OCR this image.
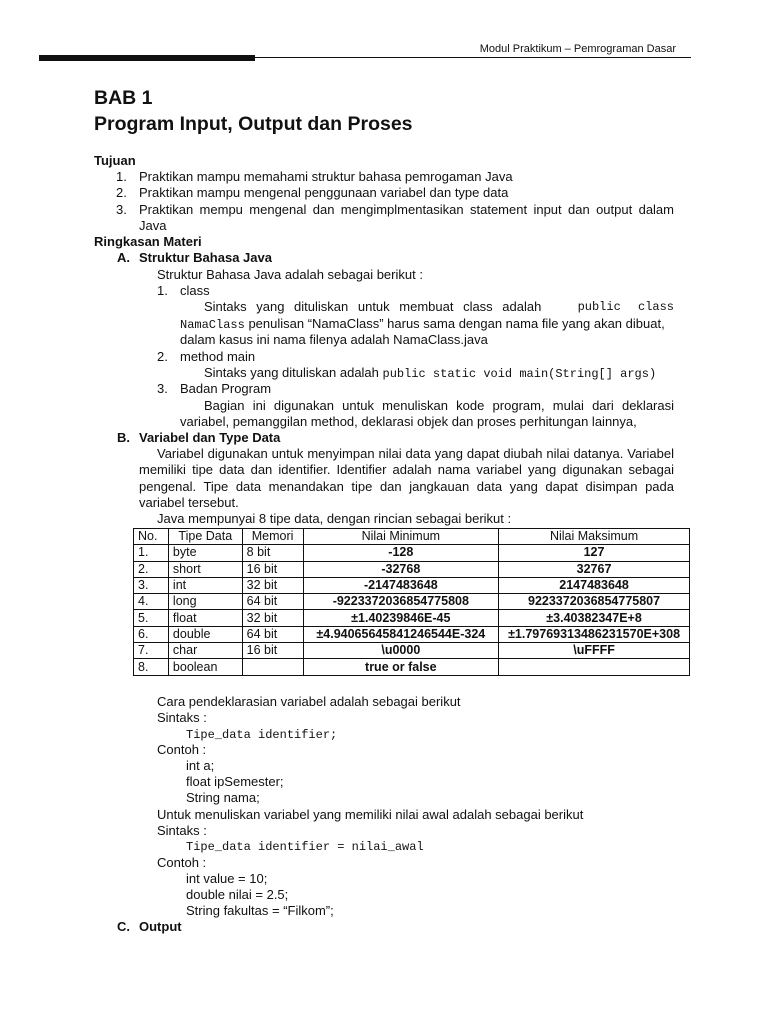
Modul Praktikum – Pemrograman Dasar
BAB 1
Program Input, Output dan Proses
Tujuan
1. Praktikan mampu memahami struktur bahasa pemrogaman Java
2. Praktikan mampu mengenal penggunaan variabel dan type data
3. Praktikan mempu mengenal dan mengimplmentasikan statement input dan output dalam
Java
Ringkasan Materi
A. Struktur Bahasa Java
Struktur Bahasa Java adalah sebagai berikut :
1. class
Sintaks yang dituliskan untuk membuat class adalah	public class
NamaClass penulisan “NamaClass” harus sama dengan nama file yang akan dibuat,
dalam kasus ini nama filenya adalah NamaClass.java
2. method main
Sintaks yang dituliskan adalah public static void main(String[] args)
3. Badan Program
Bagian ini digunakan untuk menuliskan kode program, mulai dari deklarasi
variabel, pemanggilan method, deklarasi objek dan proses perhitungan lainnya,
B. Variabel dan Type Data
Variabel digunakan untuk menyimpan nilai data yang dapat diubah nilai datanya. Variabel
memiliki tipe data dan identifier. Identifier adalah nama variabel yang digunakan sebagai
pengenal. Tipe data menandakan tipe dan jangkauan data yang dapat disimpan pada
variabel tersebut.
Java mempunyai 8 tipe data, dengan rincian sebagai berikut :
No.	Tipe Data	Memori	Nilai Minimum	Nilai Maksimum
1.	byte	8 bit	-128	127
2.	short	16 bit	-32768	32767
3.	int	32 bit	-2147483648	2147483648
4.	long	64 bit	-9223372036854775808	9223372036854775807
5.	float	32 bit	±1.40239846E-45	±3.40382347E+8
6.	double	64 bit	±4.94065645841246544E-324	±1.79769313486231570E+308
7.	char	16 bit	\u0000	\uFFFF
8.	boolean		true or false	
Cara pendeklarasian variabel adalah sebagai berikut
Sintaks :
Tipe_data identifier;
Contoh :
int a;
float ipSemester;
String nama;
Untuk menuliskan variabel yang memiliki nilai awal adalah sebagai berikut
Sintaks :
Tipe_data identifier = nilai_awal
Contoh :
int value = 10;
double nilai = 2.5;
String fakultas = “Filkom”;
C. Output
